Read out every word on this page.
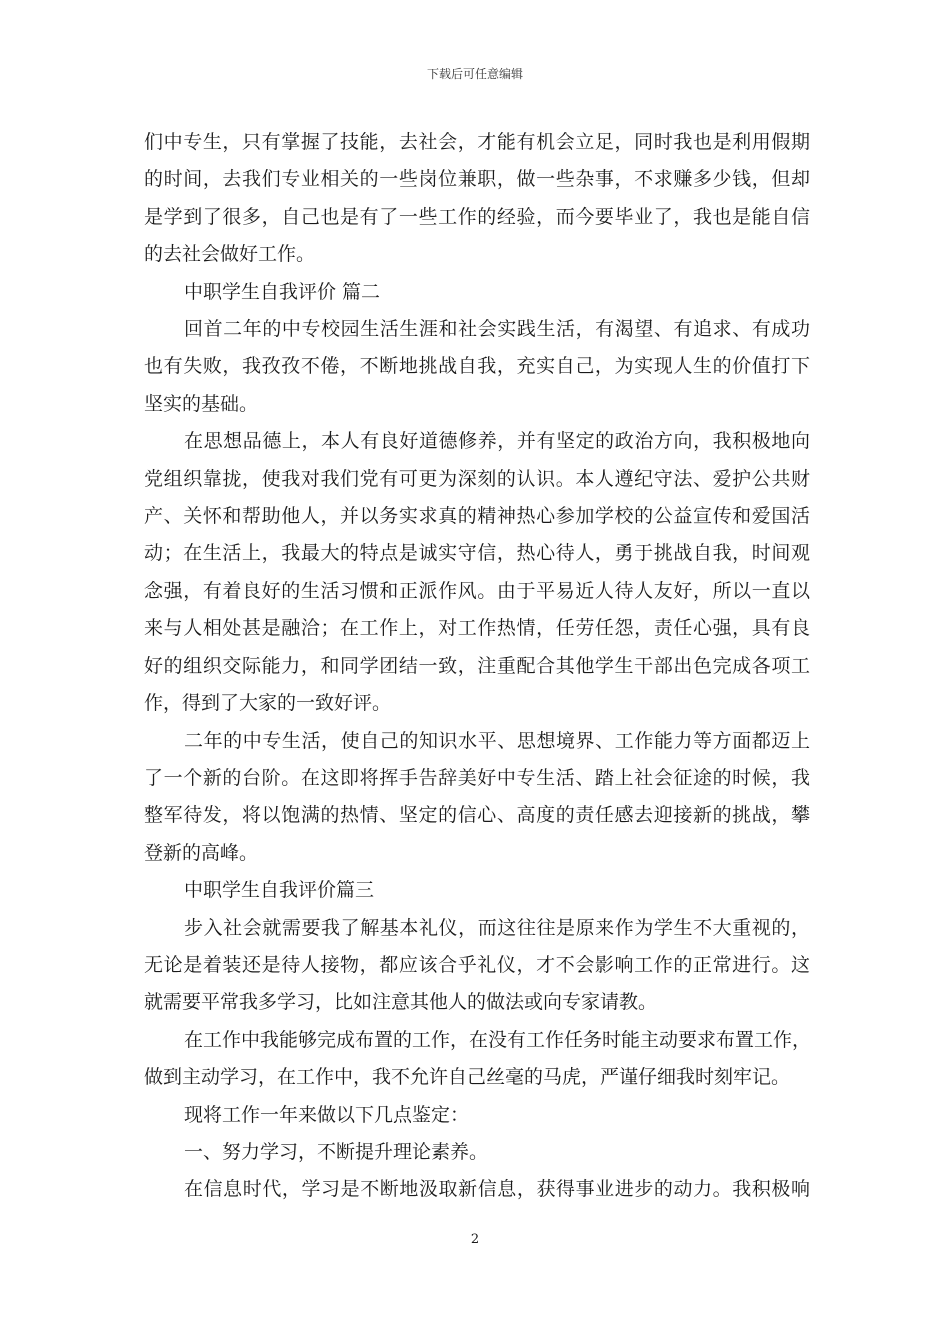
下载后可任意编辑
们中专生，只有掌握了技能，去社会，才能有机会立足，同时我也是利用假期
的时间，去我们专业相关的一些岗位兼职，做一些杂事，不求赚多少钱，但却
是学到了很多，自己也是有了一些工作的经验，而今要毕业了，我也是能自信
的去社会做好工作。
中职学生自我评价 篇二
回首二年的中专校园生活生涯和社会实践生活，有渴望、有追求、有成功
也有失败，我孜孜不倦，不断地挑战自我，充实自己，为实现人生的价值打下
坚实的基础。
在思想品德上，本人有良好道德修养，并有坚定的政治方向，我积极地向
党组织靠拢，使我对我们党有可更为深刻的认识。本人遵纪守法、爱护公共财
产、关怀和帮助他人，并以务实求真的精神热心参加学校的公益宣传和爱国活
动；在生活上，我最大的特点是诚实守信，热心待人，勇于挑战自我，时间观
念强，有着良好的生活习惯和正派作风。由于平易近人待人友好，所以一直以
来与人相处甚是融洽；在工作上，对工作热情，任劳任怨，责任心强，具有良
好的组织交际能力，和同学团结一致，注重配合其他学生干部出色完成各项工
作，得到了大家的一致好评。
二年的中专生活，使自己的知识水平、思想境界、工作能力等方面都迈上
了一个新的台阶。在这即将挥手告辞美好中专生活、踏上社会征途的时候，我
整军待发，将以饱满的热情、坚定的信心、高度的责任感去迎接新的挑战，攀
登新的高峰。
中职学生自我评价篇三
步入社会就需要我了解基本礼仪，而这往往是原来作为学生不大重视的，
无论是着装还是待人接物，都应该合乎礼仪，才不会影响工作的正常进行。这
就需要平常我多学习，比如注意其他人的做法或向专家请教。
在工作中我能够完成布置的工作，在没有工作任务时能主动要求布置工作，
做到主动学习，在工作中，我不允许自己丝毫的马虎，严谨仔细我时刻牢记。
现将工作一年来做以下几点鉴定：
一、努力学习，不断提升理论素养。
在信息时代，学习是不断地汲取新信息，获得事业进步的动力。我积极响
2
